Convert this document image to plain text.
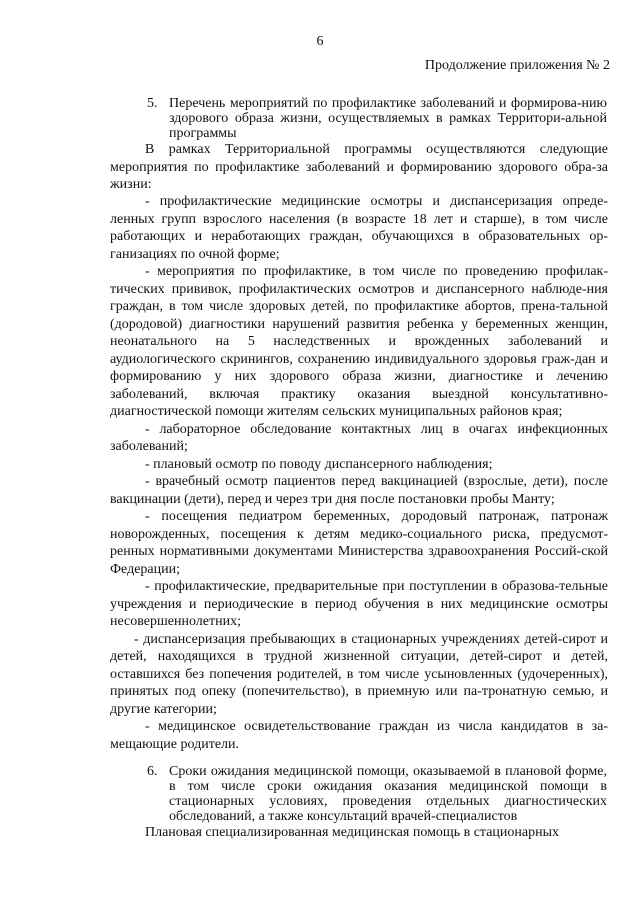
6
Продолжение приложения № 2
5. Перечень мероприятий по профилактике заболеваний и формирова-нию здорового образа жизни, осуществляемых в рамках Территори-альной программы

В рамках Территориальной программы осуществляются следующие мероприятия по профилактике заболеваний и формированию здорового обра-за жизни:

- профилактические медицинские осмотры и диспансеризация опреде-ленных групп взрослого населения (в возрасте 18 лет и старше), в том числе работающих и неработающих граждан, обучающихся в образовательных ор-ганизациях по очной форме;

- мероприятия по профилактике, в том числе по проведению профилак-тических прививок, профилактических осмотров и диспансерного наблюде-ния граждан, в том числе здоровых детей, по профилактике абортов, прена-тальной (дородовой) диагностики нарушений развития ребенка у беременных женщин, неонатального на 5 наследственных и врожденных заболеваний и аудиологического скринингов, сохранению индивидуального здоровья граж-дан и формированию у них здорового образа жизни, диагностике и лечению заболеваний, включая практику оказания выездной консультативно-диагностической помощи жителям сельских муниципальных районов края;

- лабораторное обследование контактных лиц в очагах инфекционных заболеваний;

- плановый осмотр по поводу диспансерного наблюдения;

- врачебный осмотр пациентов перед вакцинацией (взрослые, дети), после вакцинации (дети), перед и через три дня после постановки пробы Манту;

- посещения педиатром беременных, дородовый патронаж, патронаж новорожденных, посещения к детям медико-социального риска, предусмот-ренных нормативными документами Министерства здравоохранения Россий-ской Федерации;

- профилактические, предварительные при поступлении в образова-тельные учреждения и периодические в период обучения в них медицинские осмотры несовершеннолетних;

- диспансеризация пребывающих в стационарных учреждениях детей-сирот и детей, находящихся в трудной жизненной ситуации, детей-сирот и детей, оставшихся без попечения родителей, в том числе усыновленных (удочеренных), принятых под опеку (попечительство), в приемную или па-тронатную семью, и другие категории;

- медицинское освидетельствование граждан из числа кандидатов в за-мещающие родители.

6. Сроки ожидания медицинской помощи, оказываемой в плановой форме, в том числе сроки ожидания оказания медицинской помощи в стационарных условиях, проведения отдельных диагностических обследований, а также консультаций врачей-специалистов

Плановая специализированная медицинская помощь в стационарных
